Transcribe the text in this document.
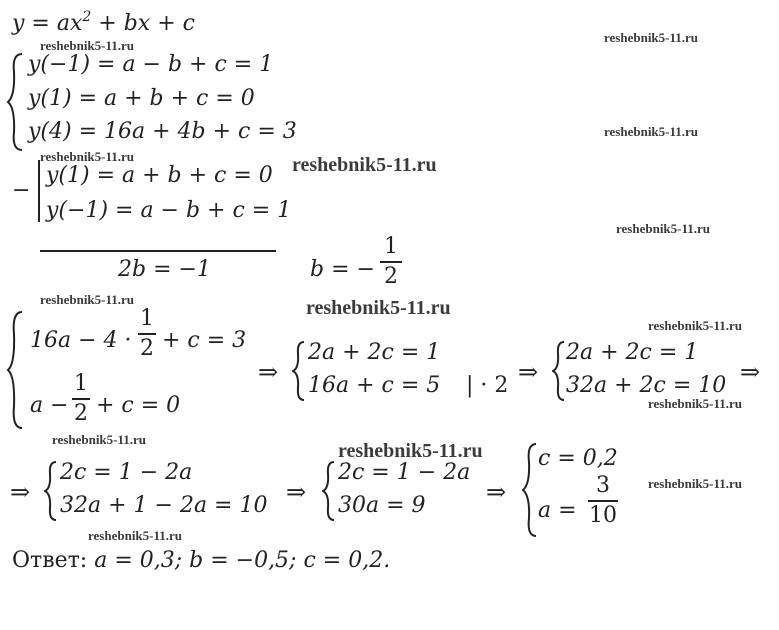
$y = ax^2$ + bx + c
y(−1) = a − b + c = 1
y(1) = a + b + c = 0
y(4) = 16a + 4b + c = 3
−
y(1) = a + b + c = 0
y(−1) = a − b + c = 1
2b = −1	b = −
1
2
16a − 4 ·
1
2 + c = 3
a −
1
2 + c = 0
⇒
2a + 2c = 1
16a + c = 5 | · 2 ⇒
2a + 2c = 1
32a + 2c = 10 ⇒
⇒
2c = 1 − 2a
32a + 1 − 2a = 10 ⇒
2c = 1 − 2a
30a = 9	⇒
c = 0,2
a =
3
10
Ответ: a = 0,3; b = −0,5; c = 0,2.
reshebnik5-11.ru
reshebnik5-11.ru
reshebnik5-11.ru
reshebnik5-11.ru	reshebnik5-11.ru
reshebnik5-11.ru
reshebnik5-11.ru	reshebnik5-11.ru
reshebnik5-11.ru
reshebnik5-11.ru
reshebnik5-11.ru
reshebnik5-11.ru
reshebnik5-11.ru
reshebnik5-11.ru
